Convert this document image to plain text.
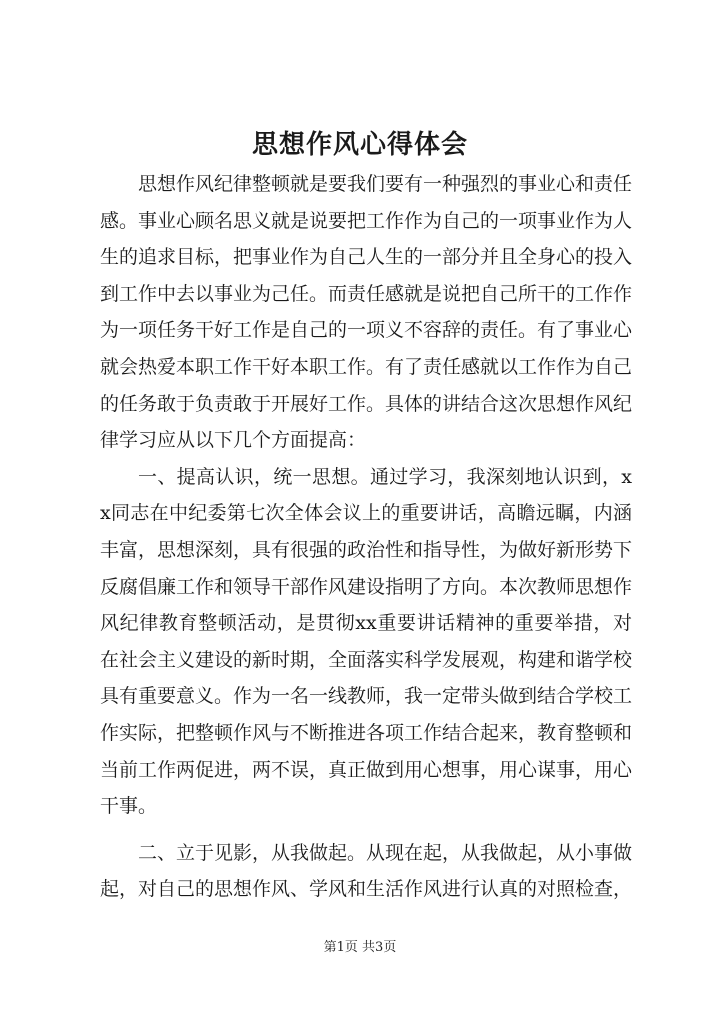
思想作风心得体会

思想作风纪律整顿就是要我们要有一种强烈的事业心和责任感。事业心顾名思义就是说要把工作作为自己的一项事业作为人生的追求目标，把事业作为自己人生的一部分并且全身心的投入到工作中去以事业为己任。而责任感就是说把自己所干的工作作为一项任务干好工作是自己的一项义不容辞的责任。有了事业心就会热爱本职工作干好本职工作。有了责任感就以工作作为自己的任务敢于负责敢于开展好工作。具体的讲结合这次思想作风纪律学习应从以下几个方面提高：

一、提高认识，统一思想。通过学习，我深刻地认识到，xx同志在中纪委第七次全体会议上的重要讲话，高瞻远瞩，内涵丰富，思想深刻，具有很强的政治性和指导性，为做好新形势下反腐倡廉工作和领导干部作风建设指明了方向。本次教师思想作风纪律教育整顿活动，是贯彻xx重要讲话精神的重要举措，对在社会主义建设的新时期，全面落实科学发展观，构建和谐学校具有重要意义。作为一名一线教师，我一定带头做到结合学校工作实际，把整顿作风与不断推进各项工作结合起来，教育整顿和当前工作两促进，两不误，真正做到用心想事，用心谋事，用心干事。

二、立于见影，从我做起。从现在起，从我做起，从小事做起，对自己的思想作风、学风和生活作风进行认真的对照检查，

第1页 共3页
